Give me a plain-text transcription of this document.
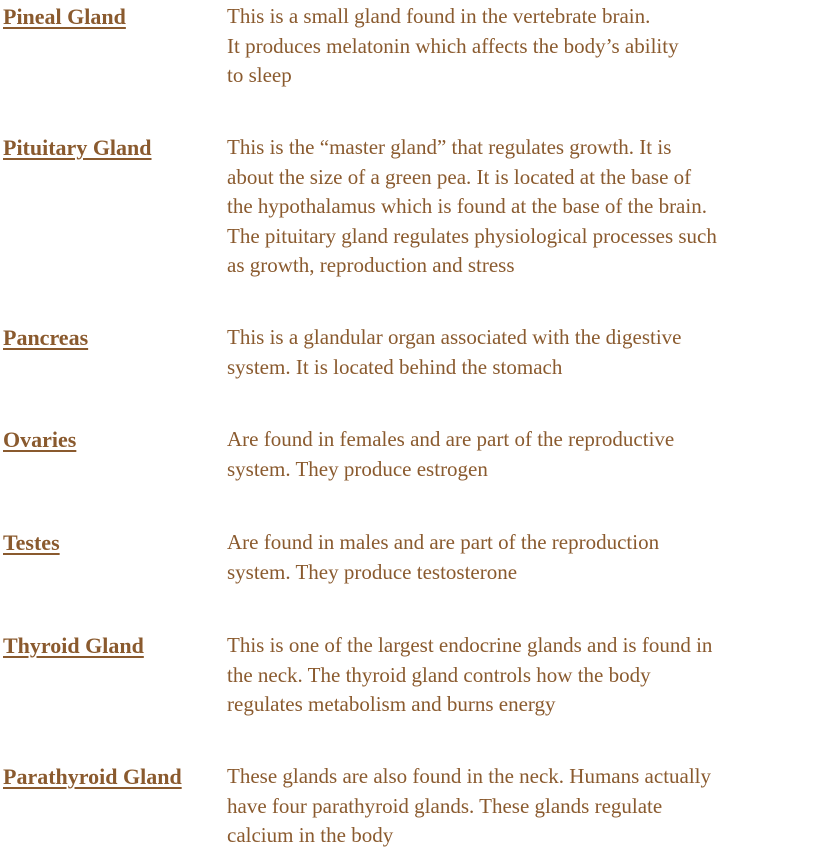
Pineal Gland	This is a small gland found in the vertebrate brain.
It produces melatonin which affects the body’s ability
to sleep
Pituitary Gland	This is the “master gland” that regulates growth. It is
about the size of a green pea. It is located at the base of
the hypothalamus which is found at the base of the brain.
The pituitary gland regulates physiological processes such
as growth, reproduction and stress
Pancreas	This is a glandular organ associated with the digestive
system. It is located behind the stomach
Ovaries	Are found in females and are part of the reproductive
system. They produce estrogen
Testes	Are found in males and are part of the reproduction
system. They produce testosterone
Thyroid Gland	This is one of the largest endocrine glands and is found in
the neck. The thyroid gland controls how the body
regulates metabolism and burns energy
Parathyroid Gland These glands are also found in the neck. Humans actually
have four parathyroid glands. These glands regulate
calcium in the body
